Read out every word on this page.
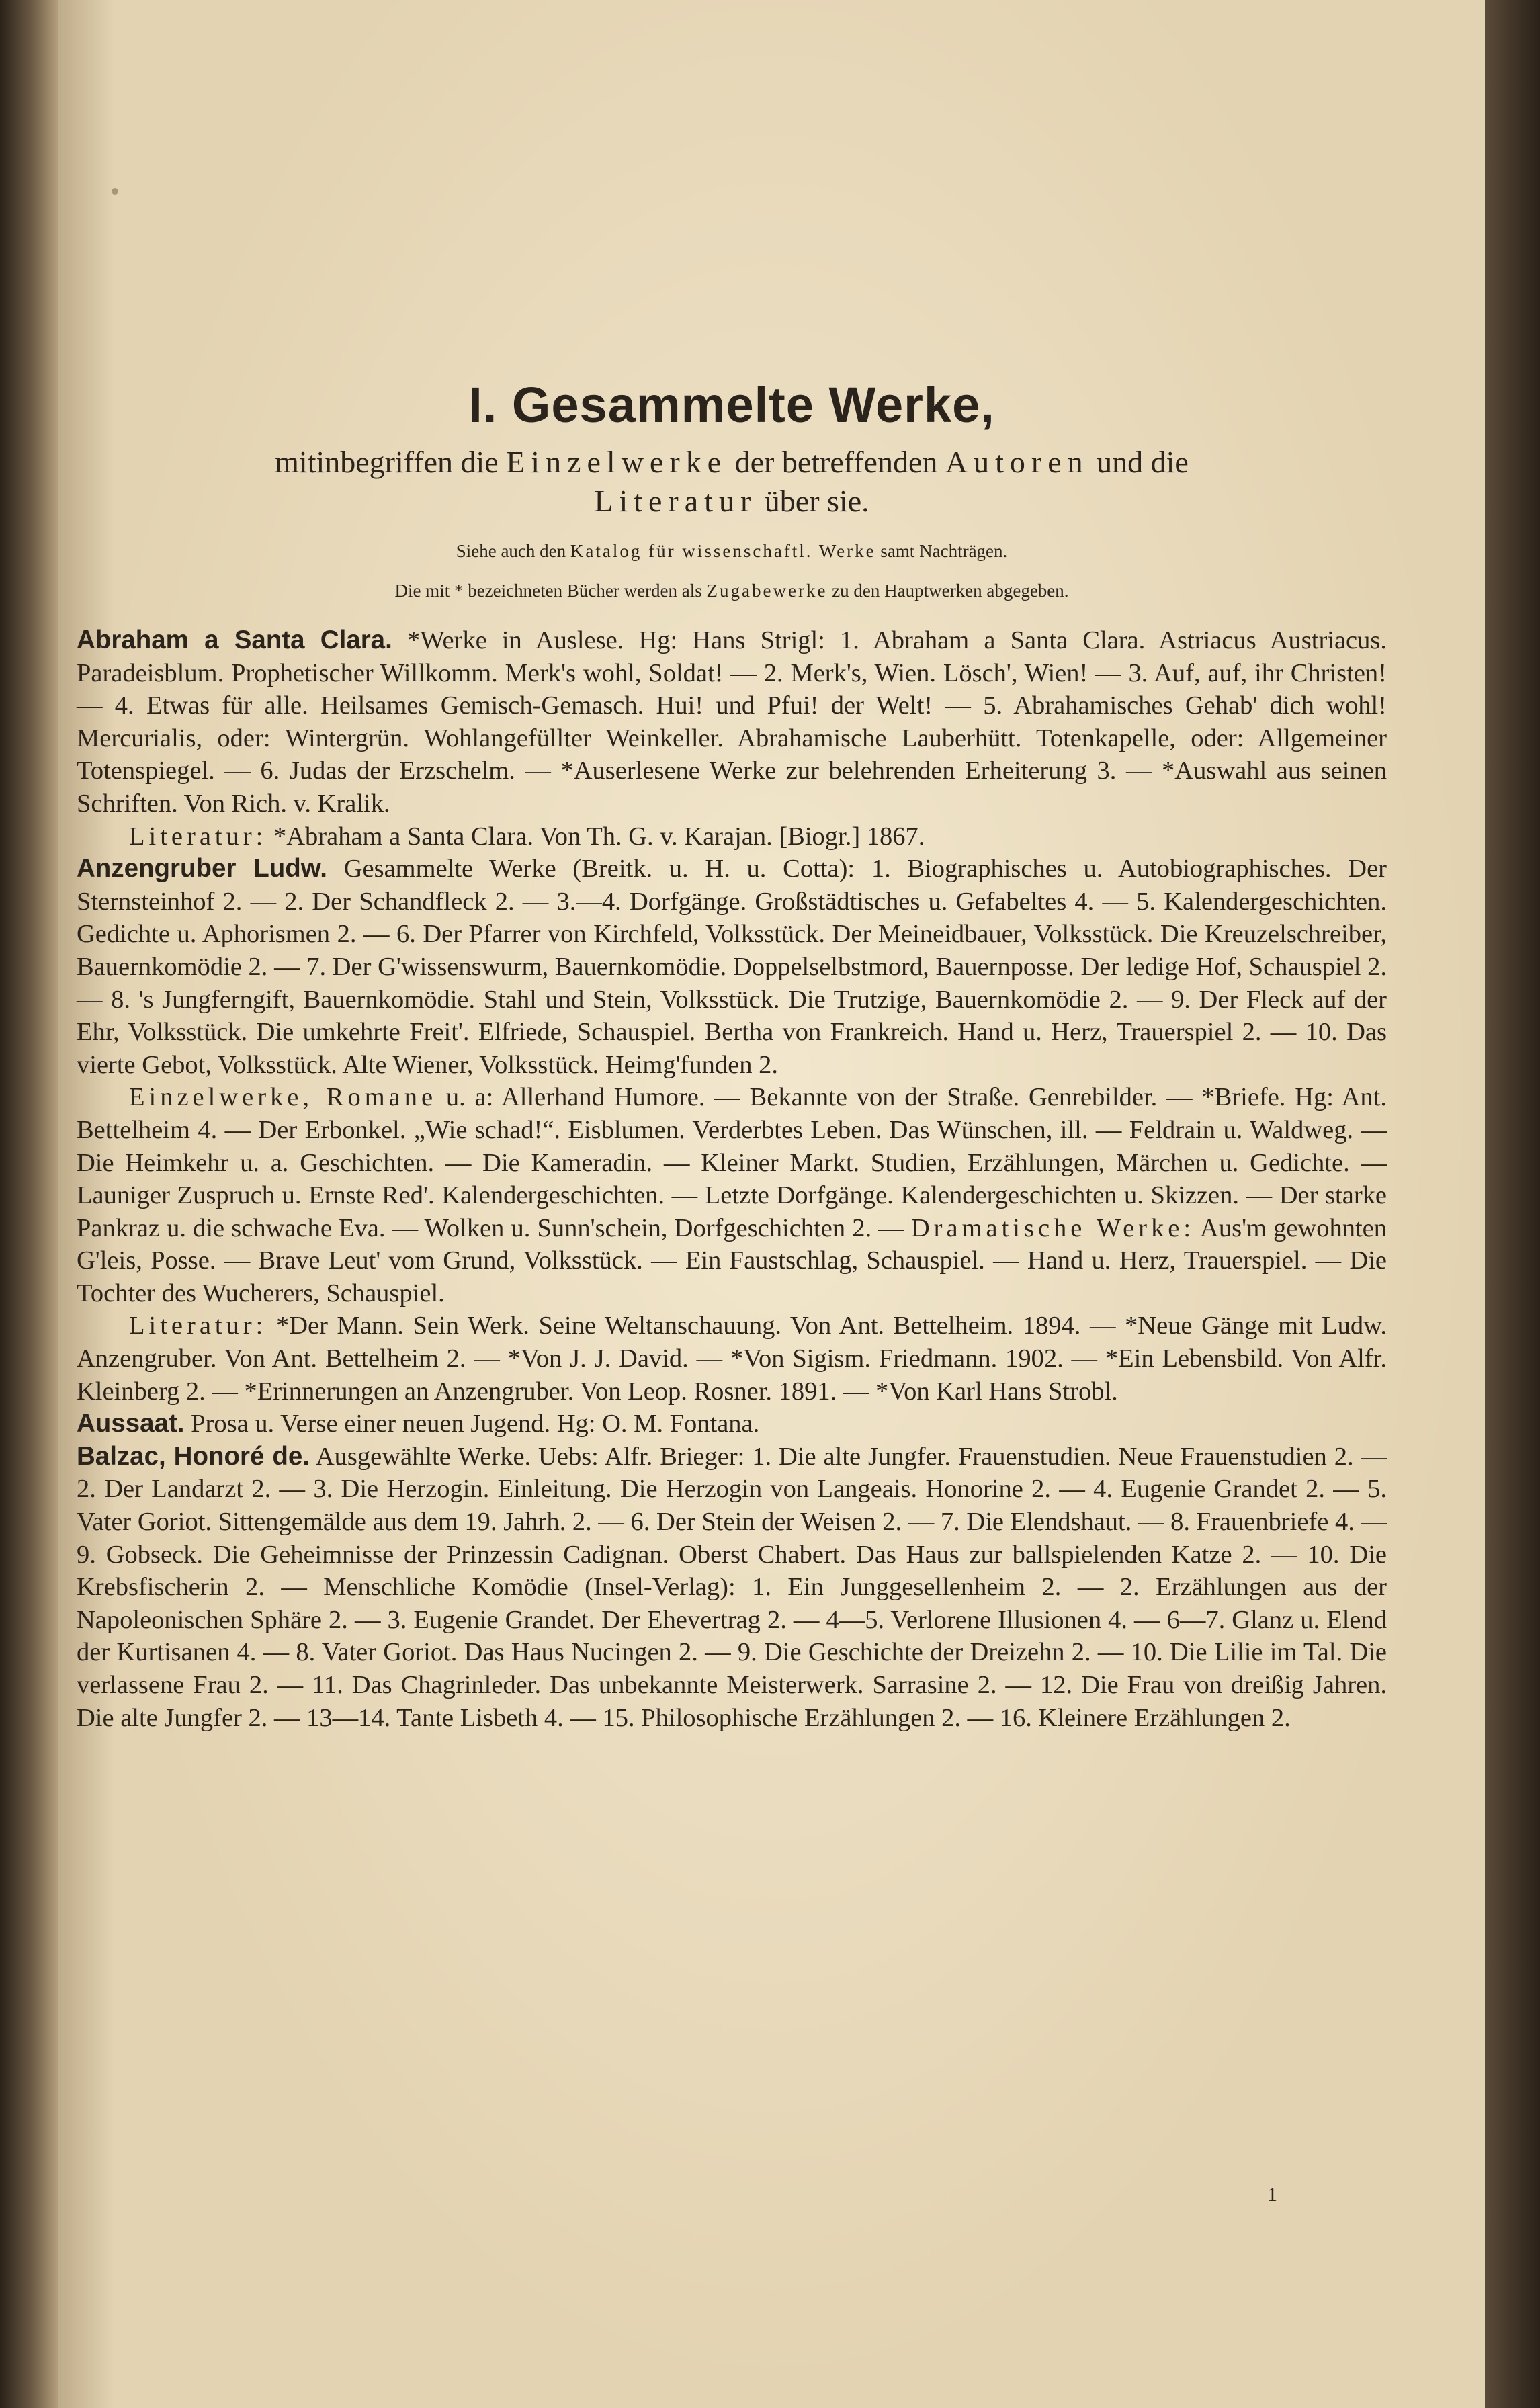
I. Gesammelte Werke,

mitinbegriffen die Einzelwerke der betreffenden Autoren und die
Literatur über sie.

Siehe auch den Katalog für wissenschaftl. Werke samt Nachträgen.

Die mit * bezeichneten Bücher werden als Zugabewerke zu den Hauptwerken abgegeben.

Abraham a Santa Clara. *Werke in Auslese. Hg: Hans Strigl: 1. Abraham a Santa Clara. Astriacus Austriacus. Paradeisblum. Prophetischer Willkomm. Merk's wohl, Soldat! — 2. Merk's, Wien. Lösch', Wien! — 3. Auf, auf, ihr Christen! — 4. Etwas für alle. Heilsames Gemisch-Gemasch. Hui! und Pfui! der Welt! — 5. Abrahamisches Gehab' dich wohl! Mercurialis, oder: Wintergrün. Wohlangefüllter Weinkeller. Abrahamische Lauberhütt. Totenkapelle, oder: Allgemeiner Totenspiegel. — 6. Judas der Erzschelm. — *Auserlesene Werke zur belehrenden Erheiterung 3. — *Auswahl aus seinen Schriften. Von Rich. v. Kralik.

Literatur: *Abraham a Santa Clara. Von Th. G. v. Karajan. [Biogr.] 1867.

Anzengruber Ludw. Gesammelte Werke (Breitk. u. H. u. Cotta): 1. Biographisches u. Autobiographisches. Der Sternsteinhof 2. — 2. Der Schandfleck 2. — 3.—4. Dorfgänge. Großstädtisches u. Gefabeltes 4. — 5. Kalendergeschichten. Gedichte u. Aphorismen 2. — 6. Der Pfarrer von Kirchfeld, Volksstück. Der Meineidbauer, Volksstück. Die Kreuzelschreiber, Bauernkomödie 2. — 7. Der G'wissenswurm, Bauernkomödie. Doppelselbstmord, Bauernposse. Der ledige Hof, Schauspiel 2. — 8. 's Jungferngift, Bauernkomödie. Stahl und Stein, Volksstück. Die Trutzige, Bauernkomödie 2. — 9. Der Fleck auf der Ehr, Volksstück. Die umkehrte Freit'. Elfriede, Schauspiel. Bertha von Frankreich. Hand u. Herz, Trauerspiel 2. — 10. Das vierte Gebot, Volksstück. Alte Wiener, Volksstück. Heimg'funden 2.

Einzelwerke, Romane u. a: Allerhand Humore. — Bekannte von der Straße. Genrebilder. — *Briefe. Hg: Ant. Bettelheim 4. — Der Erbonkel. „Wie schad!“. Eisblumen. Verderbtes Leben. Das Wünschen, ill. — Feldrain u. Waldweg. — Die Heimkehr u. a. Geschichten. — Die Kameradin. — Kleiner Markt. Studien, Erzählungen, Märchen u. Gedichte. — Launiger Zuspruch u. Ernste Red'. Kalendergeschichten. — Letzte Dorfgänge. Kalendergeschichten u. Skizzen. — Der starke Pankraz u. die schwache Eva. — Wolken u. Sunn'schein, Dorfgeschichten 2. — Dramatische Werke: Aus'm gewohnten G'leis, Posse. — Brave Leut' vom Grund, Volksstück. — Ein Faustschlag, Schauspiel. — Hand u. Herz, Trauerspiel. — Die Tochter des Wucherers, Schauspiel.

Literatur: *Der Mann. Sein Werk. Seine Weltanschauung. Von Ant. Bettelheim. 1894. — *Neue Gänge mit Ludw. Anzengruber. Von Ant. Bettelheim 2. — *Von J. J. David. — *Von Sigism. Friedmann. 1902. — *Ein Lebensbild. Von Alfr. Kleinberg 2. — *Erinnerungen an Anzengruber. Von Leop. Rosner. 1891. — *Von Karl Hans Strobl.

Aussaat. Prosa u. Verse einer neuen Jugend. Hg: O. M. Fontana.

Balzac, Honoré de. Ausgewählte Werke. Uebs: Alfr. Brieger: 1. Die alte Jungfer. Frauenstudien. Neue Frauenstudien 2. — 2. Der Landarzt 2. — 3. Die Herzogin. Einleitung. Die Herzogin von Langeais. Honorine 2. — 4. Eugenie Grandet 2. — 5. Vater Goriot. Sittengemälde aus dem 19. Jahrh. 2. — 6. Der Stein der Weisen 2. — 7. Die Elendshaut. — 8. Frauenbriefe 4. — 9. Gobseck. Die Geheimnisse der Prinzessin Cadignan. Oberst Chabert. Das Haus zur ballspielenden Katze 2. — 10. Die Krebsfischerin 2. — Menschliche Komödie (Insel-Verlag): 1. Ein Junggesellenheim 2. — 2. Erzählungen aus der Napoleonischen Sphäre 2. — 3. Eugenie Grandet. Der Ehevertrag 2. — 4—5. Verlorene Illusionen 4. — 6—7. Glanz u. Elend der Kurtisanen 4. — 8. Vater Goriot. Das Haus Nucingen 2. — 9. Die Geschichte der Dreizehn 2. — 10. Die Lilie im Tal. Die verlassene Frau 2. — 11. Das Chagrinleder. Das unbekannte Meisterwerk. Sarrasine 2. — 12. Die Frau von dreißig Jahren. Die alte Jungfer 2. — 13—14. Tante Lisbeth 4. — 15. Philosophische Erzählungen 2. — 16. Kleinere Erzählungen 2.

1
